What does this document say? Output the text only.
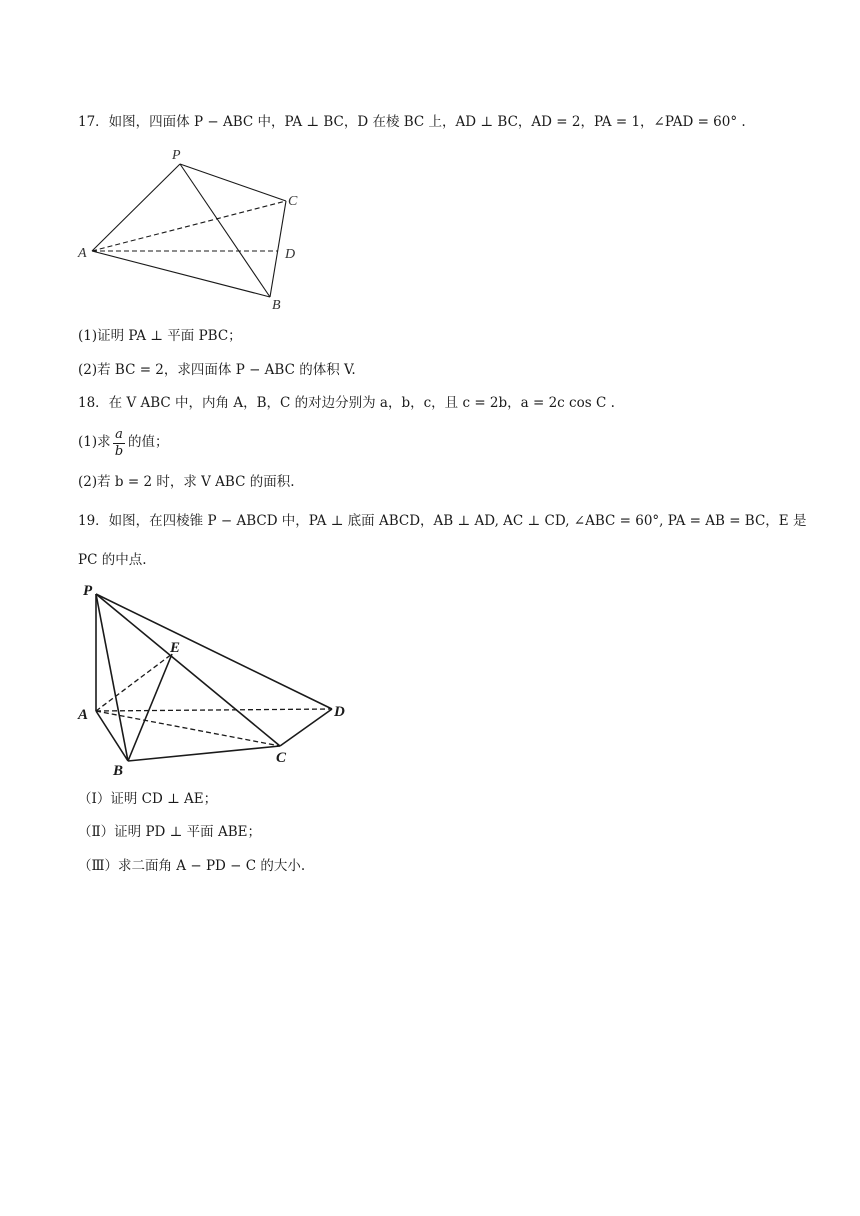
17．如图，四面体 P − ABC 中，PA ⊥ BC，D 在棱 BC 上，AD ⊥ BC，AD = 2，PA = 1，∠PAD = 60° .
P
A
C
D
B
(1)证明 PA ⊥ 平面 PBC；
(2)若 BC = 2，求四面体 P − ABC 的体积 V.
18．在 V ABC 中，内角 A，B，C 的对边分别为 a，b，c，且 c = 2b，a = 2c cos C .
(1)求 a
b
的值；
(2)若 b = 2 时，求 V ABC 的面积.
19．如图，在四棱锥 P − ABCD 中，PA ⊥ 底面 ABCD，AB ⊥ AD, AC ⊥ CD, ∠ABC = 60°, PA = AB = BC，E 是
PC 的中点.
P
E
A	D
C
B
（Ⅰ）证明 CD ⊥ AE；
（Ⅱ）证明 PD ⊥ 平面 ABE；
（Ⅲ）求二面角 A − PD − C 的大小.
